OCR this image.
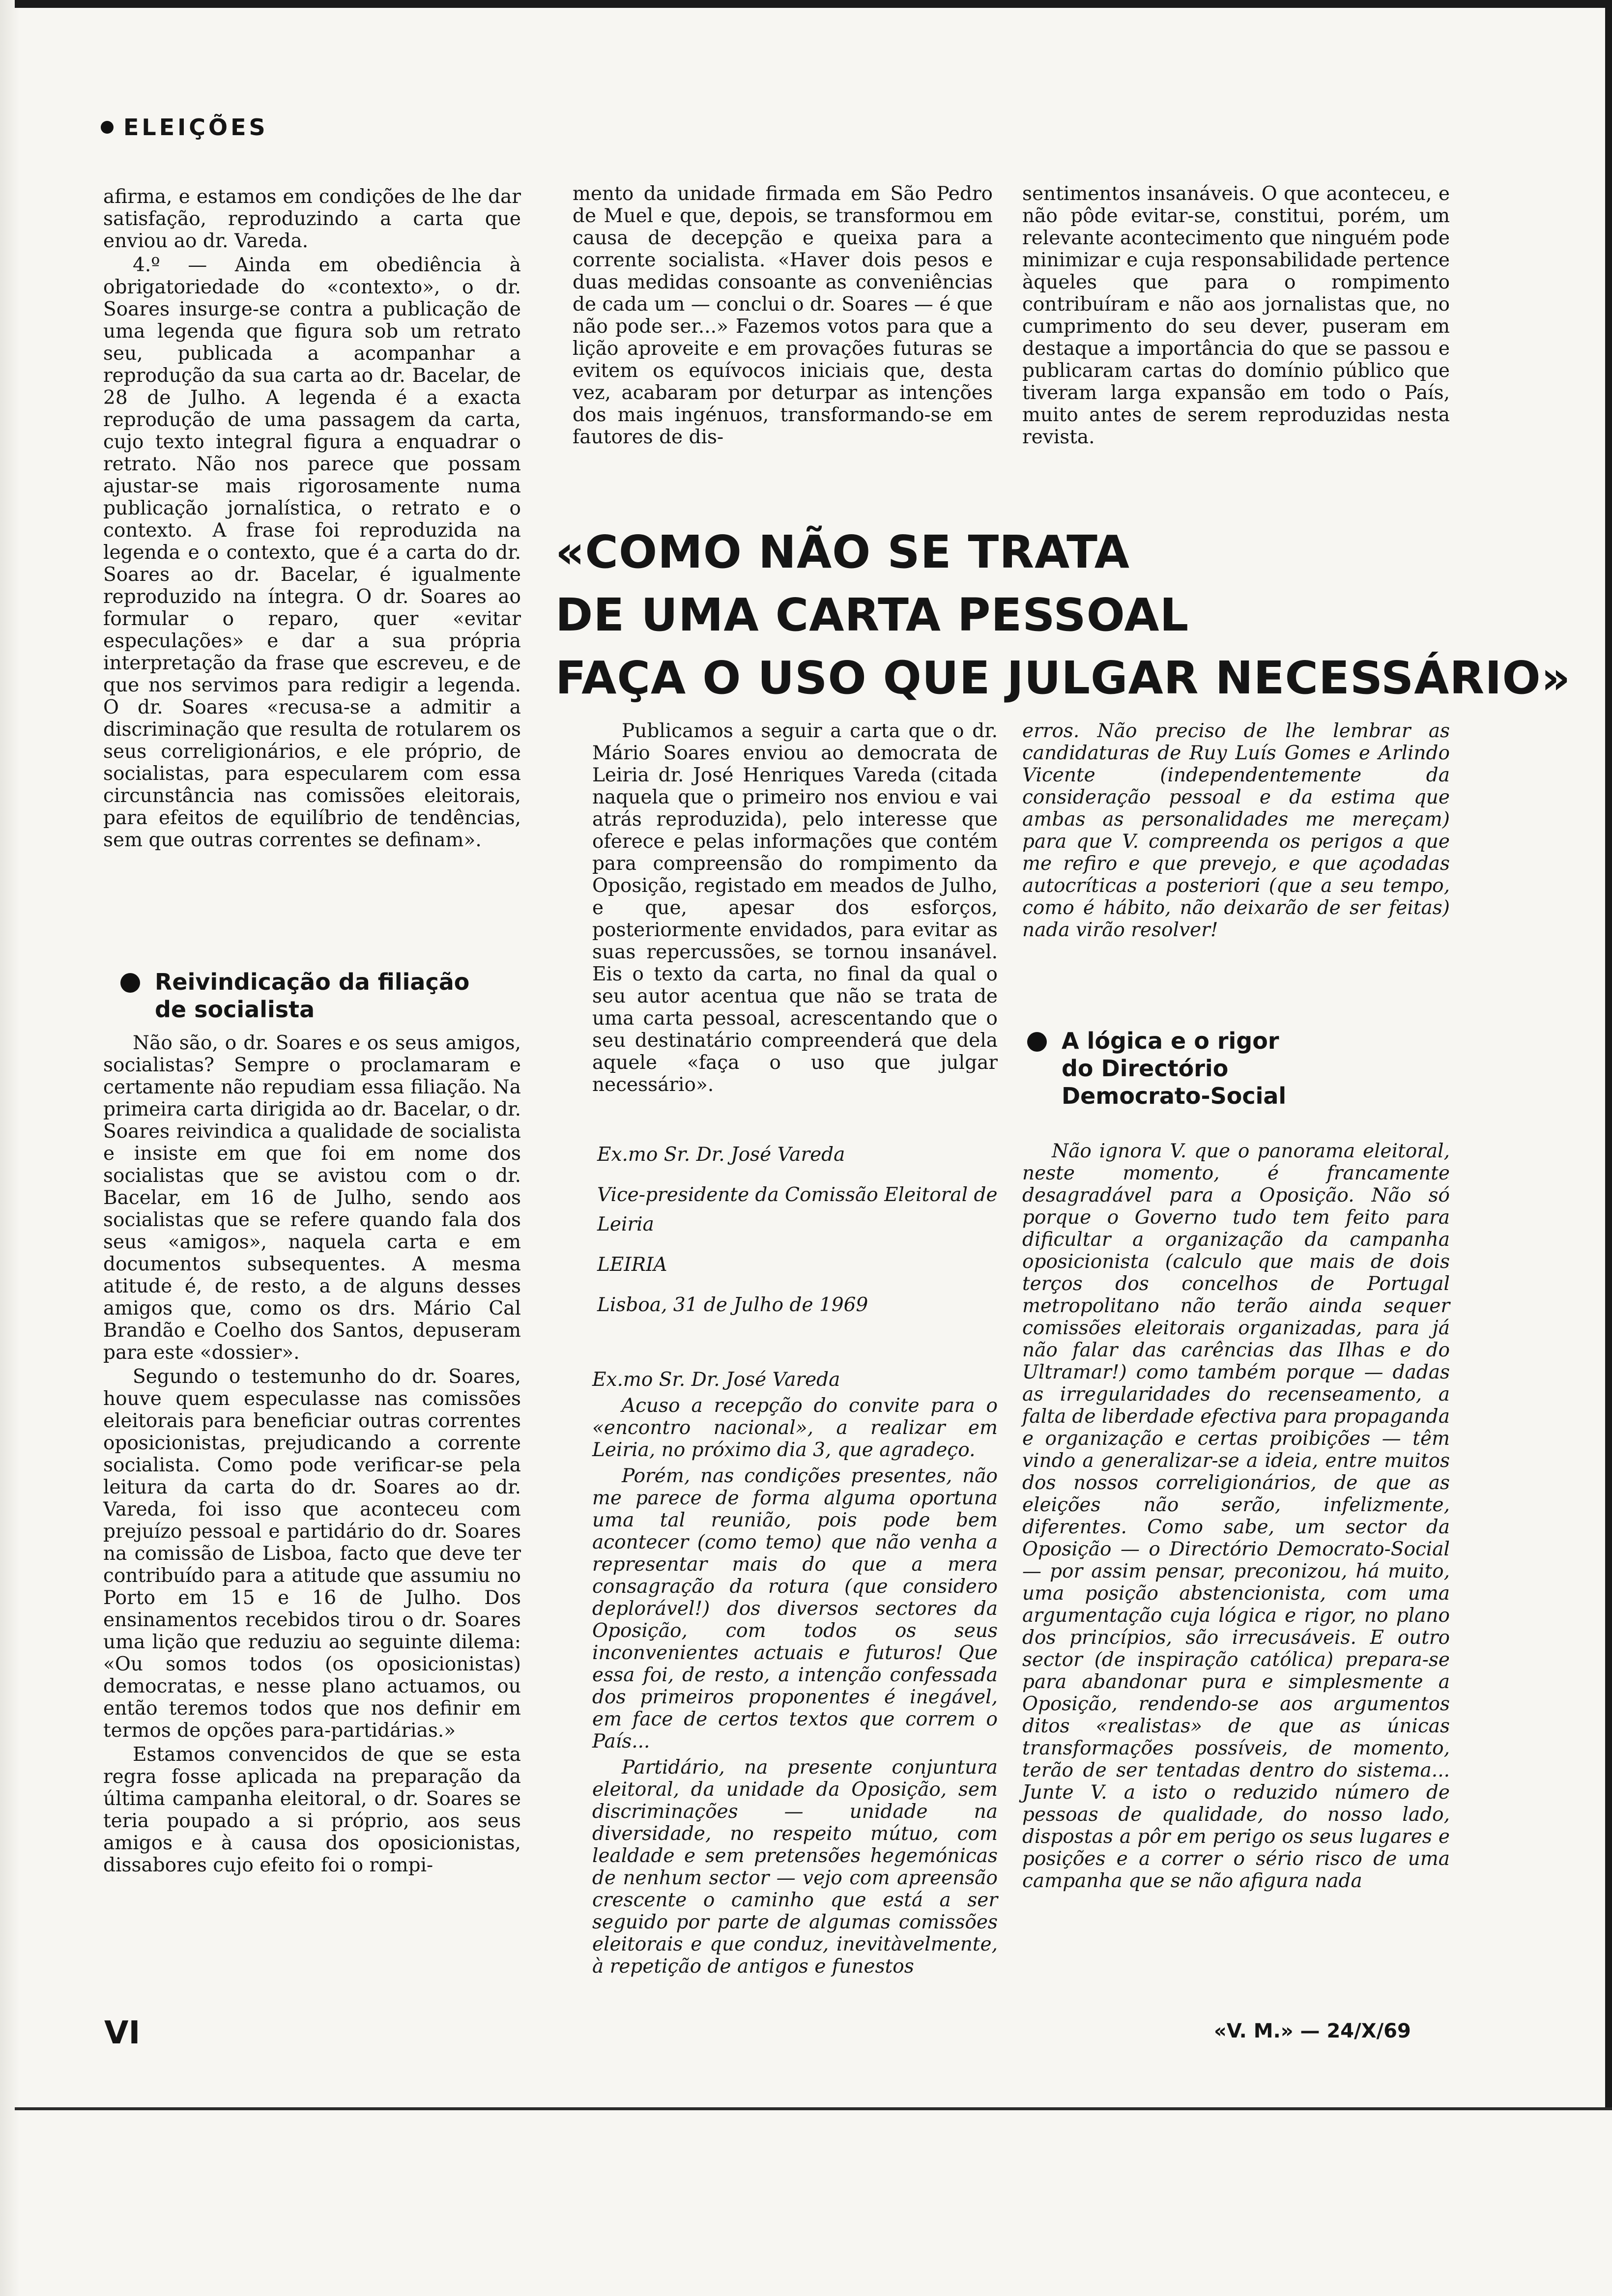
ELEIÇÕES

afirma, e estamos em condições de lhe dar satisfação, reproduzindo a carta que enviou ao dr. Vareda.

4.º — Ainda em obediência à obrigatoriedade do «contexto», o dr. Soares insurge-se contra a publicação de uma legenda que figura sob um retrato seu, publicada a acompanhar a reprodução da sua carta ao dr. Bacelar, de 28 de Julho. A legenda é a exacta reprodução de uma passagem da carta, cujo texto integral figura a enquadrar o retrato. Não nos parece que possam ajustar-se mais rigorosamente numa publicação jornalística, o retrato e o contexto. A frase foi reproduzida na legenda e o contexto, que é a carta do dr. Soares ao dr. Bacelar, é igualmente reproduzido na íntegra. O dr. Soares ao formular o reparo, quer «evitar especulações» e dar a sua própria interpretação da frase que escreveu, e de que nos servimos para redigir a legenda. O dr. Soares «recusa-se a admitir a discriminação que resulta de rotularem os seus correligionários, e ele próprio, de socialistas, para especularem com essa circunstância nas comissões eleitorais, para efeitos de equilíbrio de tendências, sem que outras correntes se definam».

Reivindicação da filiação
de socialista

Não são, o dr. Soares e os seus amigos, socialistas? Sempre o proclamaram e certamente não repudiam essa filiação. Na primeira carta dirigida ao dr. Bacelar, o dr. Soares reivindica a qualidade de socialista e insiste em que foi em nome dos socialistas que se avistou com o dr. Bacelar, em 16 de Julho, sendo aos socialistas que se refere quando fala dos seus «amigos», naquela carta e em documentos subsequentes. A mesma atitude é, de resto, a de alguns desses amigos que, como os drs. Mário Cal Brandão e Coelho dos Santos, depuseram para este «dossier».

Segundo o testemunho do dr. Soares, houve quem especulasse nas comissões eleitorais para beneficiar outras correntes oposicionistas, prejudicando a corrente socialista. Como pode verificar-se pela leitura da carta do dr. Soares ao dr. Vareda, foi isso que aconteceu com prejuízo pessoal e partidário do dr. Soares na comissão de Lisboa, facto que deve ter contribuído para a atitude que assumiu no Porto em 15 e 16 de Julho. Dos ensinamentos recebidos tirou o dr. Soares uma lição que reduziu ao seguinte dilema: «Ou somos todos (os oposicionistas) democratas, e nesse plano actuamos, ou então teremos todos que nos definir em termos de opções para-partidárias.»

Estamos convencidos de que se esta regra fosse aplicada na preparação da última campanha eleitoral, o dr. Soares se teria poupado a si próprio, aos seus amigos e à causa dos oposicionistas, dissabores cujo efeito foi o rompi-

mento da unidade firmada em São Pedro de Muel e que, depois, se transformou em causa de decepção e queixa para a corrente socialista. «Haver dois pesos e duas medidas consoante as conveniências de cada um — conclui o dr. Soares — é que não pode ser...» Fazemos votos para que a lição aproveite e em provações futuras se evitem os equívocos iniciais que, desta vez, acabaram por deturpar as intenções dos mais ingénuos, transformando-se em fautores de dis-

sentimentos insanáveis. O que aconteceu, e não pôde evitar-se, constitui, porém, um relevante acontecimento que ninguém pode minimizar e cuja responsabilidade pertence àqueles que para o rompimento contribuíram e não aos jornalistas que, no cumprimento do seu dever, puseram em destaque a importância do que se passou e publicaram cartas do domínio público que tiveram larga expansão em todo o País, muito antes de serem reproduzidas nesta revista.

«COMO NÃO SE TRATA
DE UMA CARTA PESSOAL
FAÇA O USO QUE JULGAR NECESSÁRIO»

Publicamos a seguir a carta que o dr. Mário Soares enviou ao democrata de Leiria dr. José Henriques Vareda (citada naquela que o primeiro nos enviou e vai atrás reproduzida), pelo interesse que oferece e pelas informações que contém para compreensão do rompimento da Oposição, registado em meados de Julho, e que, apesar dos esforços, posteriormente envidados, para evitar as suas repercussões, se tornou insanável. Eis o texto da carta, no final da qual o seu autor acentua que não se trata de uma carta pessoal, acrescentando que o seu destinatário compreenderá que dela aquele «faça o uso que julgar necessário».

Ex.mo Sr. Dr. José Vareda
Vice-presidente da Comissão Eleitoral de Leiria
LEIRIA
Lisboa, 31 de Julho de 1969

Ex.mo Sr. Dr. José Vareda

Acuso a recepção do convite para o «encontro nacional», a realizar em Leiria, no próximo dia 3, que agradeço.

Porém, nas condições presentes, não me parece de forma alguma oportuna uma tal reunião, pois pode bem acontecer (como temo) que não venha a representar mais do que a mera consagração da rotura (que considero deplorável!) dos diversos sectores da Oposição, com todos os seus inconvenientes actuais e futuros! Que essa foi, de resto, a intenção confessada dos primeiros proponentes é inegável, em face de certos textos que correm o País...

Partidário, na presente conjuntura eleitoral, da unidade da Oposição, sem discriminações — unidade na diversidade, no respeito mútuo, com lealdade e sem pretensões hegemónicas de nenhum sector — vejo com apreensão crescente o caminho que está a ser seguido por parte de algumas comissões eleitorais e que conduz, inevitàvelmente, à repetição de antigos e funestos

erros. Não preciso de lhe lembrar as candidaturas de Ruy Luís Gomes e Arlindo Vicente (independentemente da consideração pessoal e da estima que ambas as personalidades me mereçam) para que V. compreenda os perigos a que me refiro e que prevejo, e que açodadas autocríticas a posteriori (que a seu tempo, como é hábito, não deixarão de ser feitas) nada virão resolver!

A lógica e o rigor
do Directório
Democrato-Social

Não ignora V. que o panorama eleitoral, neste momento, é francamente desagradável para a Oposição. Não só porque o Governo tudo tem feito para dificultar a organização da campanha oposicionista (calculo que mais de dois terços dos concelhos de Portugal metropolitano não terão ainda sequer comissões eleitorais organizadas, para já não falar das carências das Ilhas e do Ultramar!) como também porque — dadas as irregularidades do recenseamento, a falta de liberdade efectiva para propaganda e organização e certas proibições — têm vindo a generalizar-se a ideia, entre muitos dos nossos correligionários, de que as eleições não serão, infelizmente, diferentes. Como sabe, um sector da Oposição — o Directório Democrato-Social — por assim pensar, preconizou, há muito, uma posição abstencionista, com uma argumentação cuja lógica e rigor, no plano dos princípios, são irrecusáveis. E outro sector (de inspiração católica) prepara-se para abandonar pura e simplesmente a Oposição, rendendo-se aos argumentos ditos «realistas» de que as únicas transformações possíveis, de momento, terão de ser tentadas dentro do sistema... Junte V. a isto o reduzido número de pessoas de qualidade, do nosso lado, dispostas a pôr em perigo os seus lugares e posições e a correr o sério risco de uma campanha que se não afigura nada

VI	«V. M.» — 24/X/69
